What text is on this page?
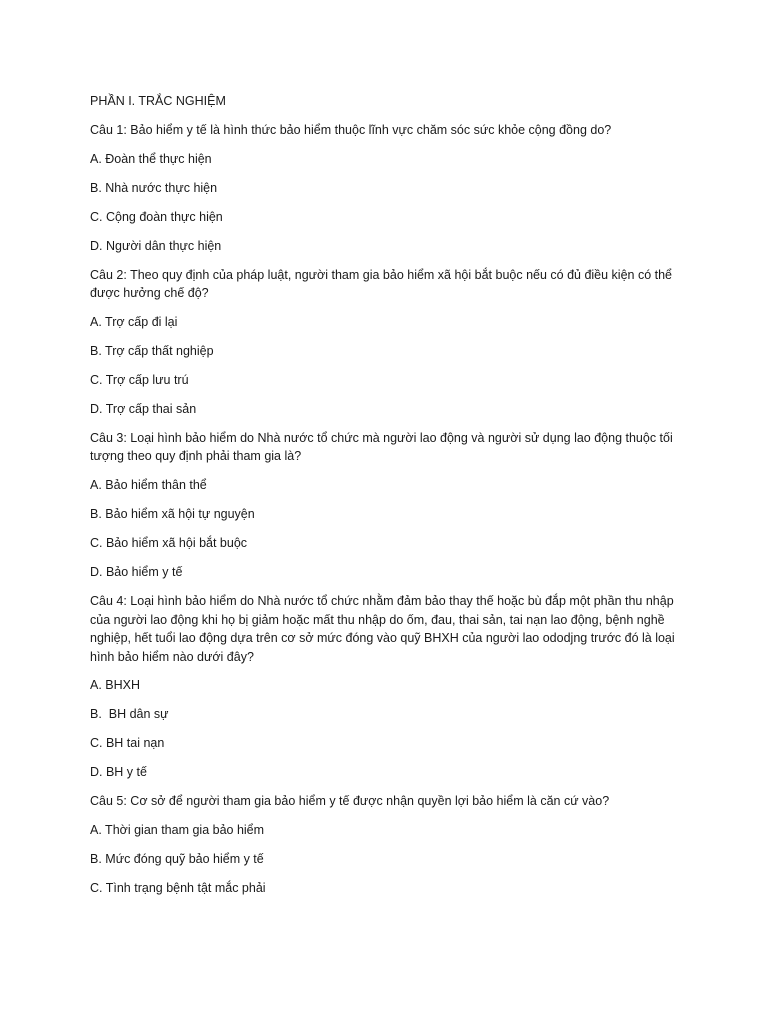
PHẦN I. TRẮC NGHIỆM

Câu 1: Bảo hiểm y tế là hình thức bảo hiểm thuộc lĩnh vực chăm sóc sức khỏe cộng đồng do?

A. Đoàn thể thực hiện

B. Nhà nước thực hiện

C. Cộng đoàn thực hiện

D. Người dân thực hiện

Câu 2: Theo quy định của pháp luật, người tham gia bảo hiểm xã hội bắt buộc nếu có đủ điều kiện có thể được hưởng chế độ?

A. Trợ cấp đi lại

B. Trợ cấp thất nghiệp

C. Trợ cấp lưu trú

D. Trợ cấp thai sản

Câu 3: Loại hình bảo hiểm do Nhà nước tổ chức mà người lao động và người sử dụng lao động thuộc tối tượng theo quy định phải tham gia là?

A. Bảo hiểm thân thể

B. Bảo hiểm xã hội tự nguyện

C. Bảo hiểm xã hội bắt buộc

D. Bảo hiểm y tế

Câu 4: Loại hình bảo hiểm do Nhà nước tổ chức nhằm đảm bảo thay thế hoặc bù đắp một phần thu nhập của người lao động khi họ bị giảm hoặc mất thu nhập do ốm, đau, thai sản, tai nạn lao động, bệnh nghề nghiệp, hết tuổi lao động dựa trên cơ sở mức đóng vào quỹ BHXH của người lao ododjng trước đó là loại hình bảo hiểm nào dưới đây?

A. BHXH

B.  BH dân sự

C. BH tai nạn

D. BH y tế

Câu 5: Cơ sở để người tham gia bảo hiểm y tế được nhận quyền lợi bảo hiểm là căn cứ vào?

A. Thời gian tham gia bảo hiểm

B. Mức đóng quỹ bảo hiểm y tế

C. Tình trạng bệnh tật mắc phải
